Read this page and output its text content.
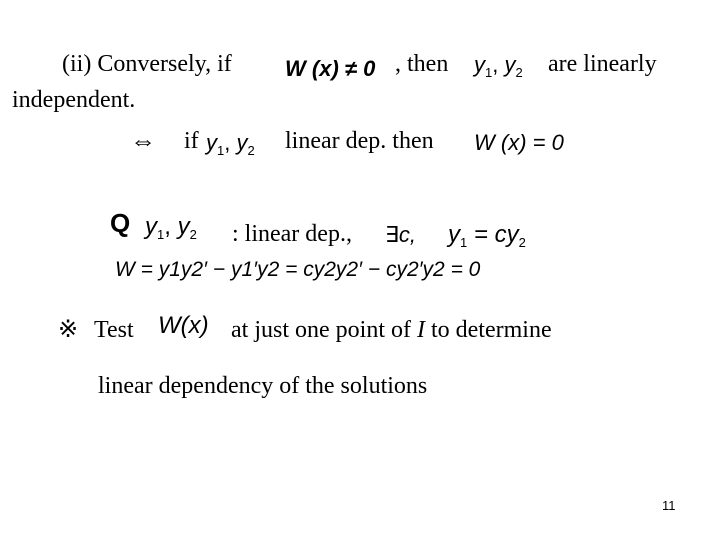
(ii) Conversely, if W (x) ≠ 0 , then $y_1$, $y_2$ are linearly
independent.
⇔ if $y_1$, $y_2$ linear dep. then W (x) = 0
Q $y_1$, $y_2$ : linear dep., ∃c, $y_1 = cy_2$
W = y1y2′ − y1′y2 = cy2y2′ − cy2′y2 = 0
※ Test W(x) at just one point of I to determine
linear dependency of the solutions
11
